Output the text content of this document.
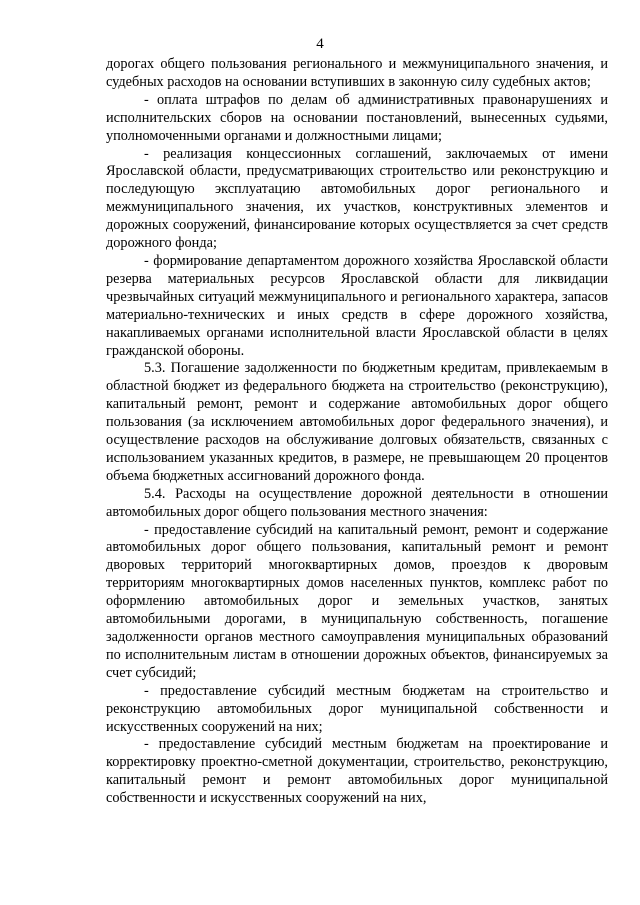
4

дорогах общего пользования регионального и межмуниципального значения, и судебных расходов на основании вступивших в законную силу судебных актов;

- оплата штрафов по делам об административных правонарушениях и исполнительских сборов на основании постановлений, вынесенных судьями, уполномоченными органами и должностными лицами;

- реализация концессионных соглашений, заключаемых от имени Ярославской области, предусматривающих строительство или реконструкцию и последующую эксплуатацию автомобильных дорог регионального и межмуниципального значения, их участков, конструктивных элементов и дорожных сооружений, финансирование которых осуществляется за счет средств дорожного фонда;

- формирование департаментом дорожного хозяйства Ярославской области резерва материальных ресурсов Ярославской области для ликвидации чрезвычайных ситуаций межмуниципального и регионального характера, запасов материально-технических и иных средств в сфере дорожного хозяйства, накапливаемых органами исполнительной власти Ярославской области в целях гражданской обороны.

5.3. Погашение задолженности по бюджетным кредитам, привлекаемым в областной бюджет из федерального бюджета на строительство (реконструкцию), капитальный ремонт, ремонт и содержание автомобильных дорог общего пользования (за исключением автомобильных дорог федерального значения), и осуществление расходов на обслуживание долговых обязательств, связанных с использованием указанных кредитов, в размере, не превышающем 20 процентов объема бюджетных ассигнований дорожного фонда.

5.4. Расходы на осуществление дорожной деятельности в отношении автомобильных дорог общего пользования местного значения:

- предоставление субсидий на капитальный ремонт, ремонт и содержание автомобильных дорог общего пользования, капитальный ремонт и ремонт дворовых территорий многоквартирных домов, проездов к дворовым территориям многоквартирных домов населенных пунктов, комплекс работ по оформлению автомобильных дорог и земельных участков, занятых автомобильными дорогами, в муниципальную собственность, погашение задолженности органов местного самоуправления муниципальных образований по исполнительным листам в отношении дорожных объектов, финансируемых за счет субсидий;

- предоставление субсидий местным бюджетам на строительство и реконструкцию автомобильных дорог муниципальной собственности и искусственных сооружений на них;

- предоставление субсидий местным бюджетам на проектирование и корректировку проектно-сметной документации, строительство, реконструкцию, капитальный ремонт и ремонт автомобильных дорог муниципальной собственности и искусственных сооружений на них,
